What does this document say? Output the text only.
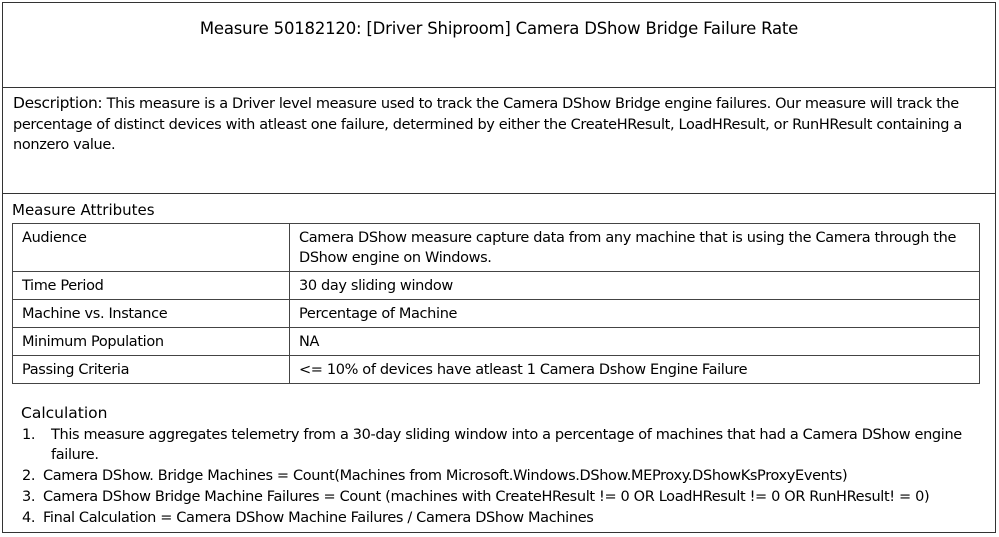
Measure 50182120: [Driver Shiproom] Camera DShow Bridge Failure Rate
Description: This measure is a Driver level measure used to track the Camera DShow Bridge engine failures. Our measure will track the percentage of distinct devices with atleast one failure, determined by either the CreateHResult, LoadHResult, or RunHResult containing a nonzero value.
Measure Attributes
Audience	Camera DShow measure capture data from any machine that is using the Camera through the DShow engine on Windows.
Time Period	30 day sliding window
Machine vs. Instance	Percentage of Machine
Minimum Population	NA
Passing Criteria	<= 10% of devices have atleast 1 Camera Dshow Engine Failure
Calculation
1.	This measure aggregates telemetry from a 30-day sliding window into a percentage of machines that had a Camera DShow engine failure.
2. Camera DShow. Bridge Machines = Count(Machines from Microsoft.Windows.DShow.MEProxy.DShowKsProxyEvents)
3. Camera DShow Bridge Machine Failures = Count (machines with CreateHResult != 0 OR LoadHResult != 0 OR RunHResult! = 0)
4. Final Calculation = Camera DShow Machine Failures / Camera DShow Machines
